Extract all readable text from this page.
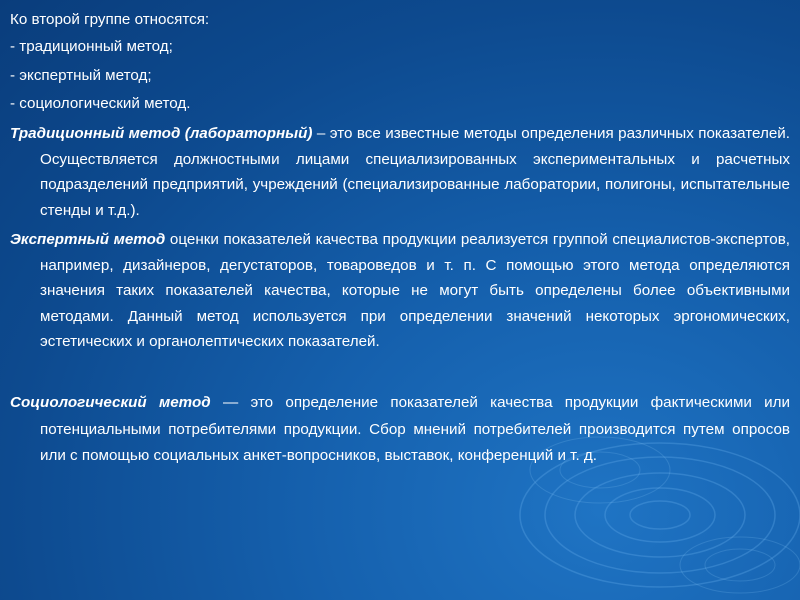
Ко второй группе относятся:
- традиционный метод;
- экспертный метод;
- социологический метод.
Традиционный метод (лабораторный) – это все известные методы определения различных показателей. Осуществляется должностными лицами специализированных экспериментальных и расчетных подразделений предприятий, учреждений (специализированные лаборатории, полигоны, испытательные стенды и т.д.).
Экспертный метод оценки показателей качества продукции реализуется группой специалистов-экспертов, например, дизайнеров, дегустаторов, товароведов и т. п. С помощью этого метода определяются значения таких показателей качества, которые не могут быть определены более объективными методами. Данный метод используется при определении значений некоторых эргономических, эстетических и органолептических показателей.
Социологический метод — это определение показателей качества продукции фактическими или потенциальными потребителями продукции. Сбор мнений потребителей производится путем опросов или с помощью социальных анкет-вопросников, выставок, конференций и т. д.
